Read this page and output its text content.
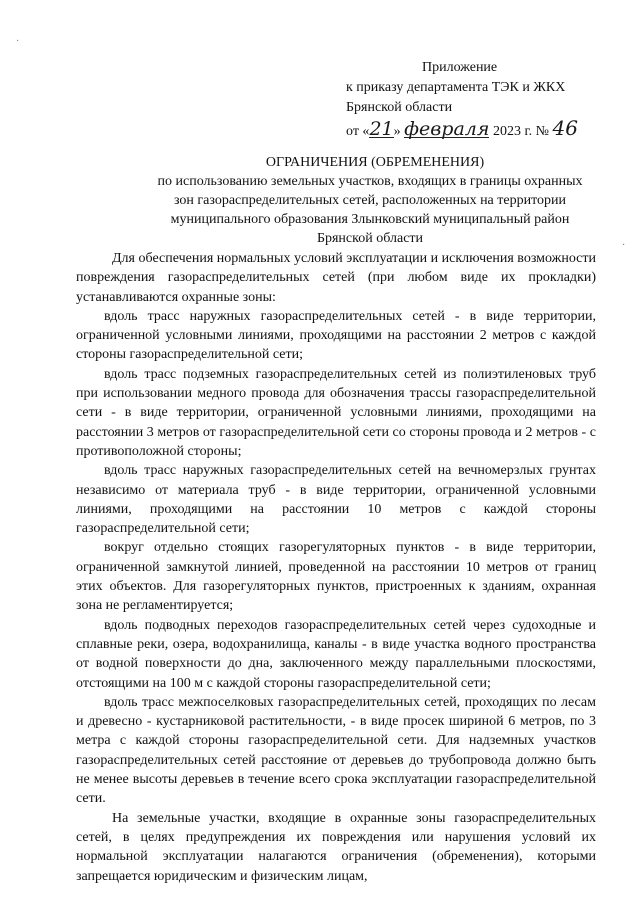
Приложение
к приказу департамента ТЭК и ЖКХ
Брянской области
от «21» февраля 2023 г. № 46
ОГРАНИЧЕНИЯ (ОБРЕМЕНЕНИЯ)
по использованию земельных участков, входящих в границы охранных
зон газораспределительных сетей, расположенных на территории
муниципального образования Злынковский муниципальный район
Брянской области

Для обеспечения нормальных условий эксплуатации и исключения возможности повреждения газораспределительных сетей (при любом виде их прокладки) устанавливаются охранные зоны:

вдоль трасс наружных газораспределительных сетей - в виде территории, ограниченной условными линиями, проходящими на расстоянии 2 метров с каждой стороны газораспределительной сети;

вдоль трасс подземных газораспределительных сетей из полиэтиленовых труб при использовании медного провода для обозначения трассы газораспределительной сети - в виде территории, ограниченной условными линиями, проходящими на расстоянии 3 метров от газораспределительной сети со стороны провода и 2 метров - с противоположной стороны;

вдоль трасс наружных газораспределительных сетей на вечномерзлых грунтах независимо от материала труб - в виде территории, ограниченной условными линиями, проходящими на расстоянии 10 метров с каждой стороны газораспределительной сети;

вокруг отдельно стоящих газорегуляторных пунктов - в виде территории, ограниченной замкнутой линией, проведенной на расстоянии 10 метров от границ этих объектов. Для газорегуляторных пунктов, пристроенных к зданиям, охранная зона не регламентируется;

вдоль подводных переходов газораспределительных сетей через судоходные и сплавные реки, озера, водохранилища, каналы - в виде участка водного пространства от водной поверхности до дна, заключенного между параллельными плоскостями, отстоящими на 100 м с каждой стороны газораспределительной сети;

вдоль трасс межпоселковых газораспределительных сетей, проходящих по лесам и древесно - кустарниковой растительности, - в виде просек шириной 6 метров, по 3 метра с каждой стороны газораспределительной сети. Для надземных участков газораспределительных сетей расстояние от деревьев до трубопровода должно быть не менее высоты деревьев в течение всего срока эксплуатации газораспределительной сети.

На земельные участки, входящие в охранные зоны газораспределительных сетей, в целях предупреждения их повреждения или нарушения условий их нормальной эксплуатации налагаются ограничения (обременения), которыми запрещается юридическим и физическим лицам,

·
·
